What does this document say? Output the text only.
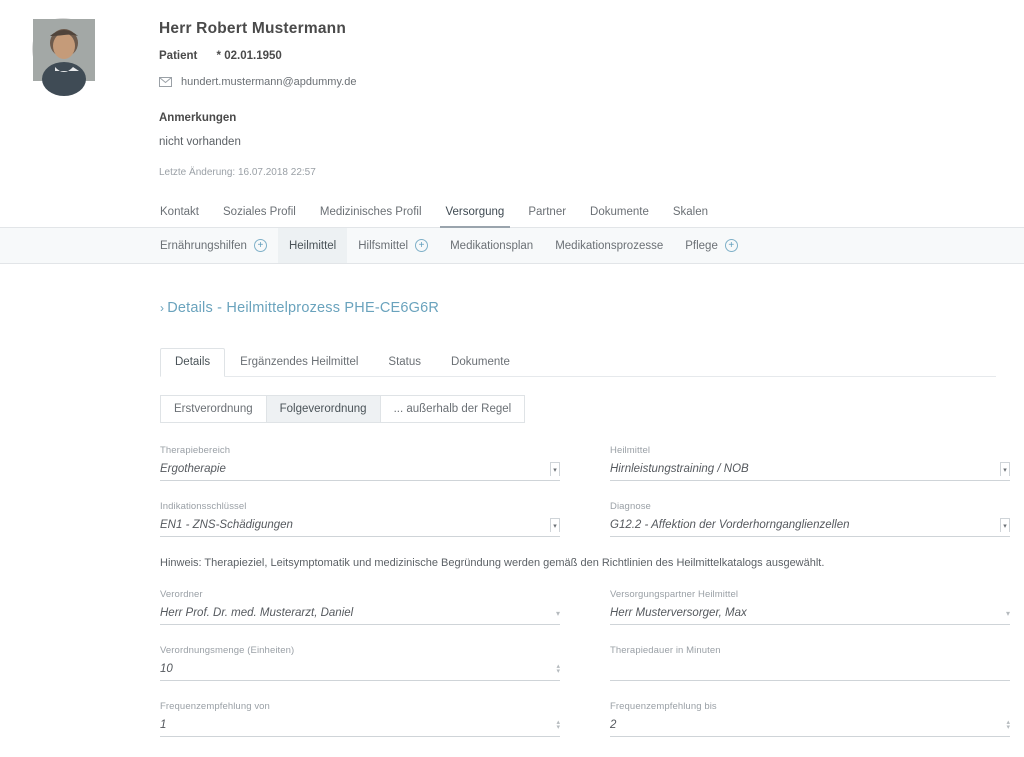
Herr Robert Mustermann
Patient * 02.01.1950
hundert.mustermann@apdummy.de
Anmerkungen
nicht vorhanden
Letzte Änderung: 16.07.2018 22:57
Kontakt	Soziales Profil	Medizinisches Profil	Versorgung	Partner	Dokumente	Skalen
Ernährungshilfen	+	Heilmittel Hilfsmittel	+	Medikationsplan Medikationsprozesse Pflege	+
› Details - Heilmittelprozess PHE-CE6G6R
Details	Ergänzendes Heilmittel	Status	Dokumente
Erstverordnung	Folgeverordnung	... außerhalb der Regel
Therapiebereich
Ergotherapie	▾
Heilmittel
Hirnleistungstraining / NOB	▾
Indikationsschlüssel
EN1 - ZNS-Schädigungen	▾
Diagnose
G12.2 - Affektion der Vorderhornganglienzellen	▾
Hinweis: Therapieziel, Leitsymptomatik und medizinische Begründung werden gemäß den Richtlinien des Heilmittelkatalogs ausgewählt.
Verordner
Herr Prof. Dr. med. Musterarzt, Daniel	▾
Versorgungspartner Heilmittel
Herr Musterversorger, Max	▾
Verordnungsmenge (Einheiten)
10	▴
▾
Therapiedauer in Minuten
Frequenzempfehlung von
1	▴
▾
Frequenzempfehlung bis
2	▴
▾
